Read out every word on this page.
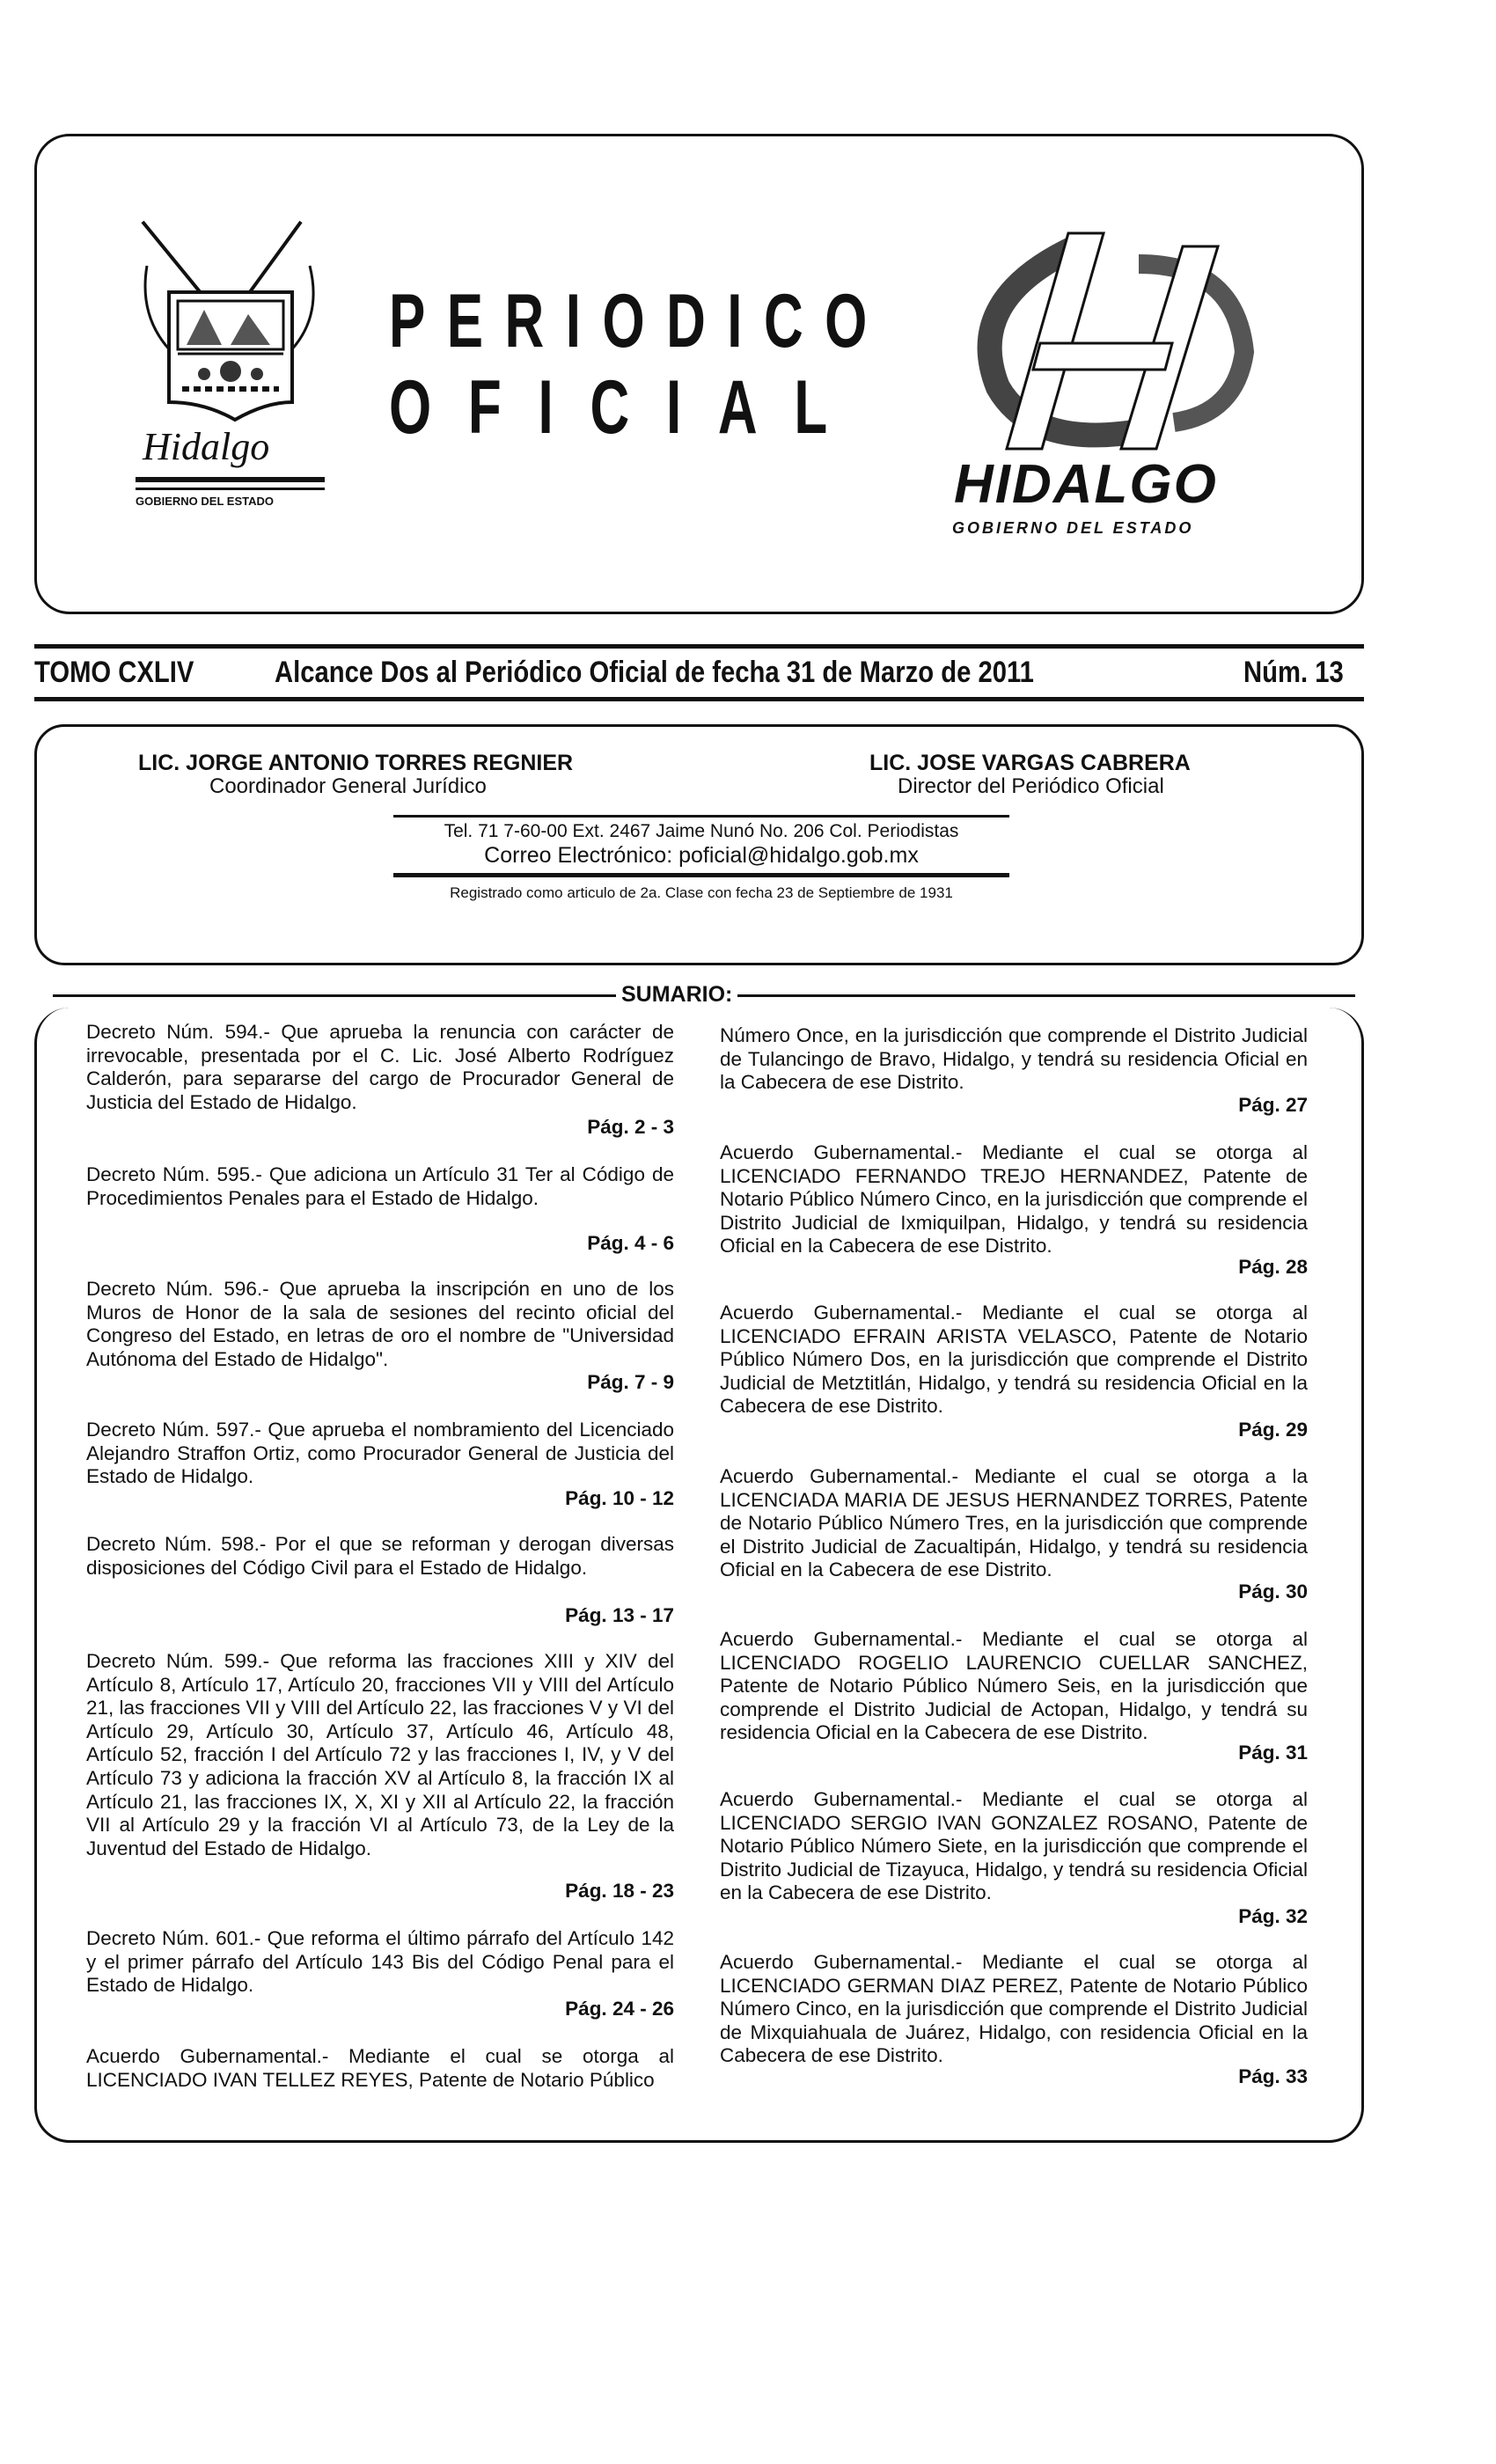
Hidalgo
GOBIERNO DEL ESTADO
PERIODICO
OFICIAL
HIDALGO
GOBIERNO DEL ESTADO
TOMO CXLIV	Alcance Dos al Periódico Oficial de fecha 31 de Marzo de 2011	Núm. 13
LIC. JORGE ANTONIO TORRES REGNIER
Coordinador General Jurídico
LIC. JOSE VARGAS CABRERA
Director del Periódico Oficial
Tel. 71 7-60-00 Ext. 2467 Jaime Nunó No. 206 Col. Periodistas
Correo Electrónico: poficial@hidalgo.gob.mx
Registrado como articulo de 2a. Clase con fecha 23 de Septiembre de 1931
SUMARIO:
Decreto Núm. 594.- Que aprueba la renuncia con carácter de irrevocable, presentada por el C. Lic. José Alberto Rodríguez Calderón, para separarse del cargo de Procurador General de Justicia del Estado de Hidalgo.
Pág. 2 - 3
Decreto Núm. 595.- Que adiciona un Artículo 31 Ter al Código de Procedimientos Penales para el Estado de Hidalgo.
Pág. 4 - 6
Decreto Núm. 596.- Que aprueba la inscripción en uno de los Muros de Honor de la sala de sesiones del recinto oficial del Congreso del Estado, en letras de oro el nombre de "Universidad Autónoma del Estado de Hidalgo".
Pág. 7 - 9
Decreto Núm. 597.- Que aprueba el nombramiento del Licenciado Alejandro Straffon Ortiz, como Procurador General de Justicia del Estado de Hidalgo.
Pág. 10 - 12
Decreto Núm. 598.- Por el que se reforman y derogan diversas disposiciones del Código Civil para el Estado de Hidalgo.
Pág. 13 - 17
Decreto Núm. 599.- Que reforma las fracciones XIII y XIV del Artículo 8, Artículo 17, Artículo 20, fracciones VII y VIII del Artículo 21, las fracciones VII y VIII del Artículo 22, las fracciones V y VI del Artículo 29, Artículo 30, Artículo 37, Artículo 46, Artículo 48, Artículo 52, fracción I del Artículo 72 y las fracciones I, IV, y V del Artículo 73 y adiciona la fracción XV al Artículo 8, la fracción IX al Artículo 21, las fracciones IX, X, XI y XII al Artículo 22, la fracción VII al Artículo 29 y la fracción VI al Artículo 73, de la Ley de la Juventud del Estado de Hidalgo.
Pág. 18 - 23
Decreto Núm. 601.- Que reforma el último párrafo del Artículo 142 y el primer párrafo del Artículo 143 Bis del Código Penal para el Estado de Hidalgo.
Pág. 24 - 26
Acuerdo Gubernamental.- Mediante el cual se otorga al LICENCIADO IVAN TELLEZ REYES, Patente de Notario Público
Número Once, en la jurisdicción que comprende el Distrito Judicial de Tulancingo de Bravo, Hidalgo, y tendrá su residencia Oficial en la Cabecera de ese Distrito.
Pág. 27
Acuerdo Gubernamental.- Mediante el cual se otorga al LICENCIADO FERNANDO TREJO HERNANDEZ, Patente de Notario Público Número Cinco, en la jurisdicción que comprende el Distrito Judicial de Ixmiquilpan, Hidalgo, y tendrá su residencia Oficial en la Cabecera de ese Distrito.
Pág. 28
Acuerdo Gubernamental.- Mediante el cual se otorga al LICENCIADO EFRAIN ARISTA VELASCO, Patente de Notario Público Número Dos, en la jurisdicción que comprende el Distrito Judicial de Metztitlán, Hidalgo, y tendrá su residencia Oficial en la Cabecera de ese Distrito.
Pág. 29
Acuerdo Gubernamental.- Mediante el cual se otorga a la LICENCIADA MARIA DE JESUS HERNANDEZ TORRES, Patente de Notario Público Número Tres, en la jurisdicción que comprende el Distrito Judicial de Zacualtipán, Hidalgo, y tendrá su residencia Oficial en la Cabecera de ese Distrito.
Pág. 30
Acuerdo Gubernamental.- Mediante el cual se otorga al LICENCIADO ROGELIO LAURENCIO CUELLAR SANCHEZ, Patente de Notario Público Número Seis, en la jurisdicción que comprende el Distrito Judicial de Actopan, Hidalgo, y tendrá su residencia Oficial en la Cabecera de ese Distrito.
Pág. 31
Acuerdo Gubernamental.- Mediante el cual se otorga al LICENCIADO SERGIO IVAN GONZALEZ ROSANO, Patente de Notario Público Número Siete, en la jurisdicción que comprende el Distrito Judicial de Tizayuca, Hidalgo, y tendrá su residencia Oficial en la Cabecera de ese Distrito.
Pág. 32
Acuerdo Gubernamental.- Mediante el cual se otorga al LICENCIADO GERMAN DIAZ PEREZ, Patente de Notario Público Número Cinco, en la jurisdicción que comprende el Distrito Judicial de Mixquiahuala de Juárez, Hidalgo, con residencia Oficial en la Cabecera de ese Distrito.
Pág. 33
